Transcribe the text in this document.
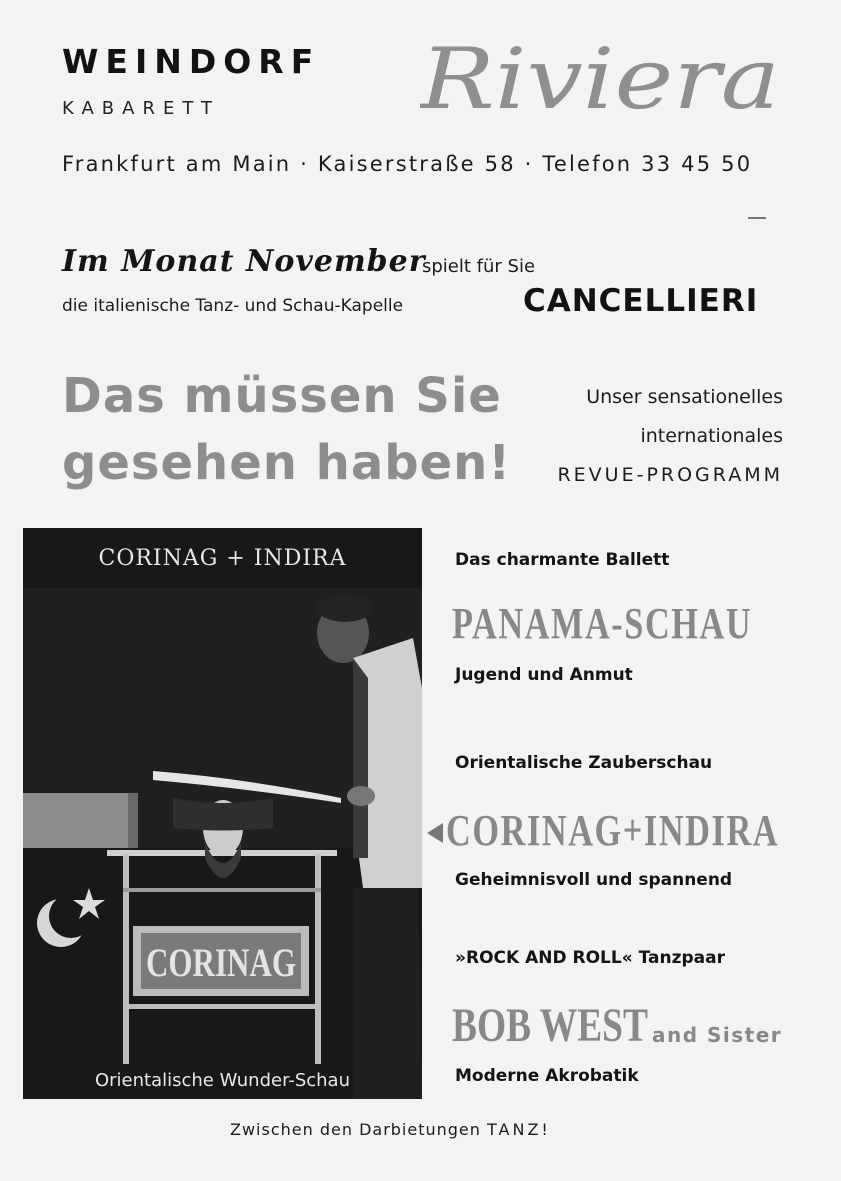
WEINDORF
KABARETT Riviera
Frankfurt am Main · Kaiserstraße 58 · Telefon 33 45 50
Im Monat November
spielt für Sie
die italienische Tanz- und Schau-Kapelle	CANCELLIERI
Das müssen Sie
gesehen haben!
Unser sensationelles
internationales
REVUE-PROGRAMM
CORINAG
CORINAG + INDIRA
Orientalische Wunder-Schau
Das charmante Ballett
PANAMA-SCHAU
Jugend und Anmut
Orientalische Zauberschau
CORINAG+INDIRA
Geheimnisvoll und spannend
»ROCK AND ROLL« Tanzpaar
BOB WEST and Sister
Moderne Akrobatik
Zwischen den Darbietungen TANZ!
